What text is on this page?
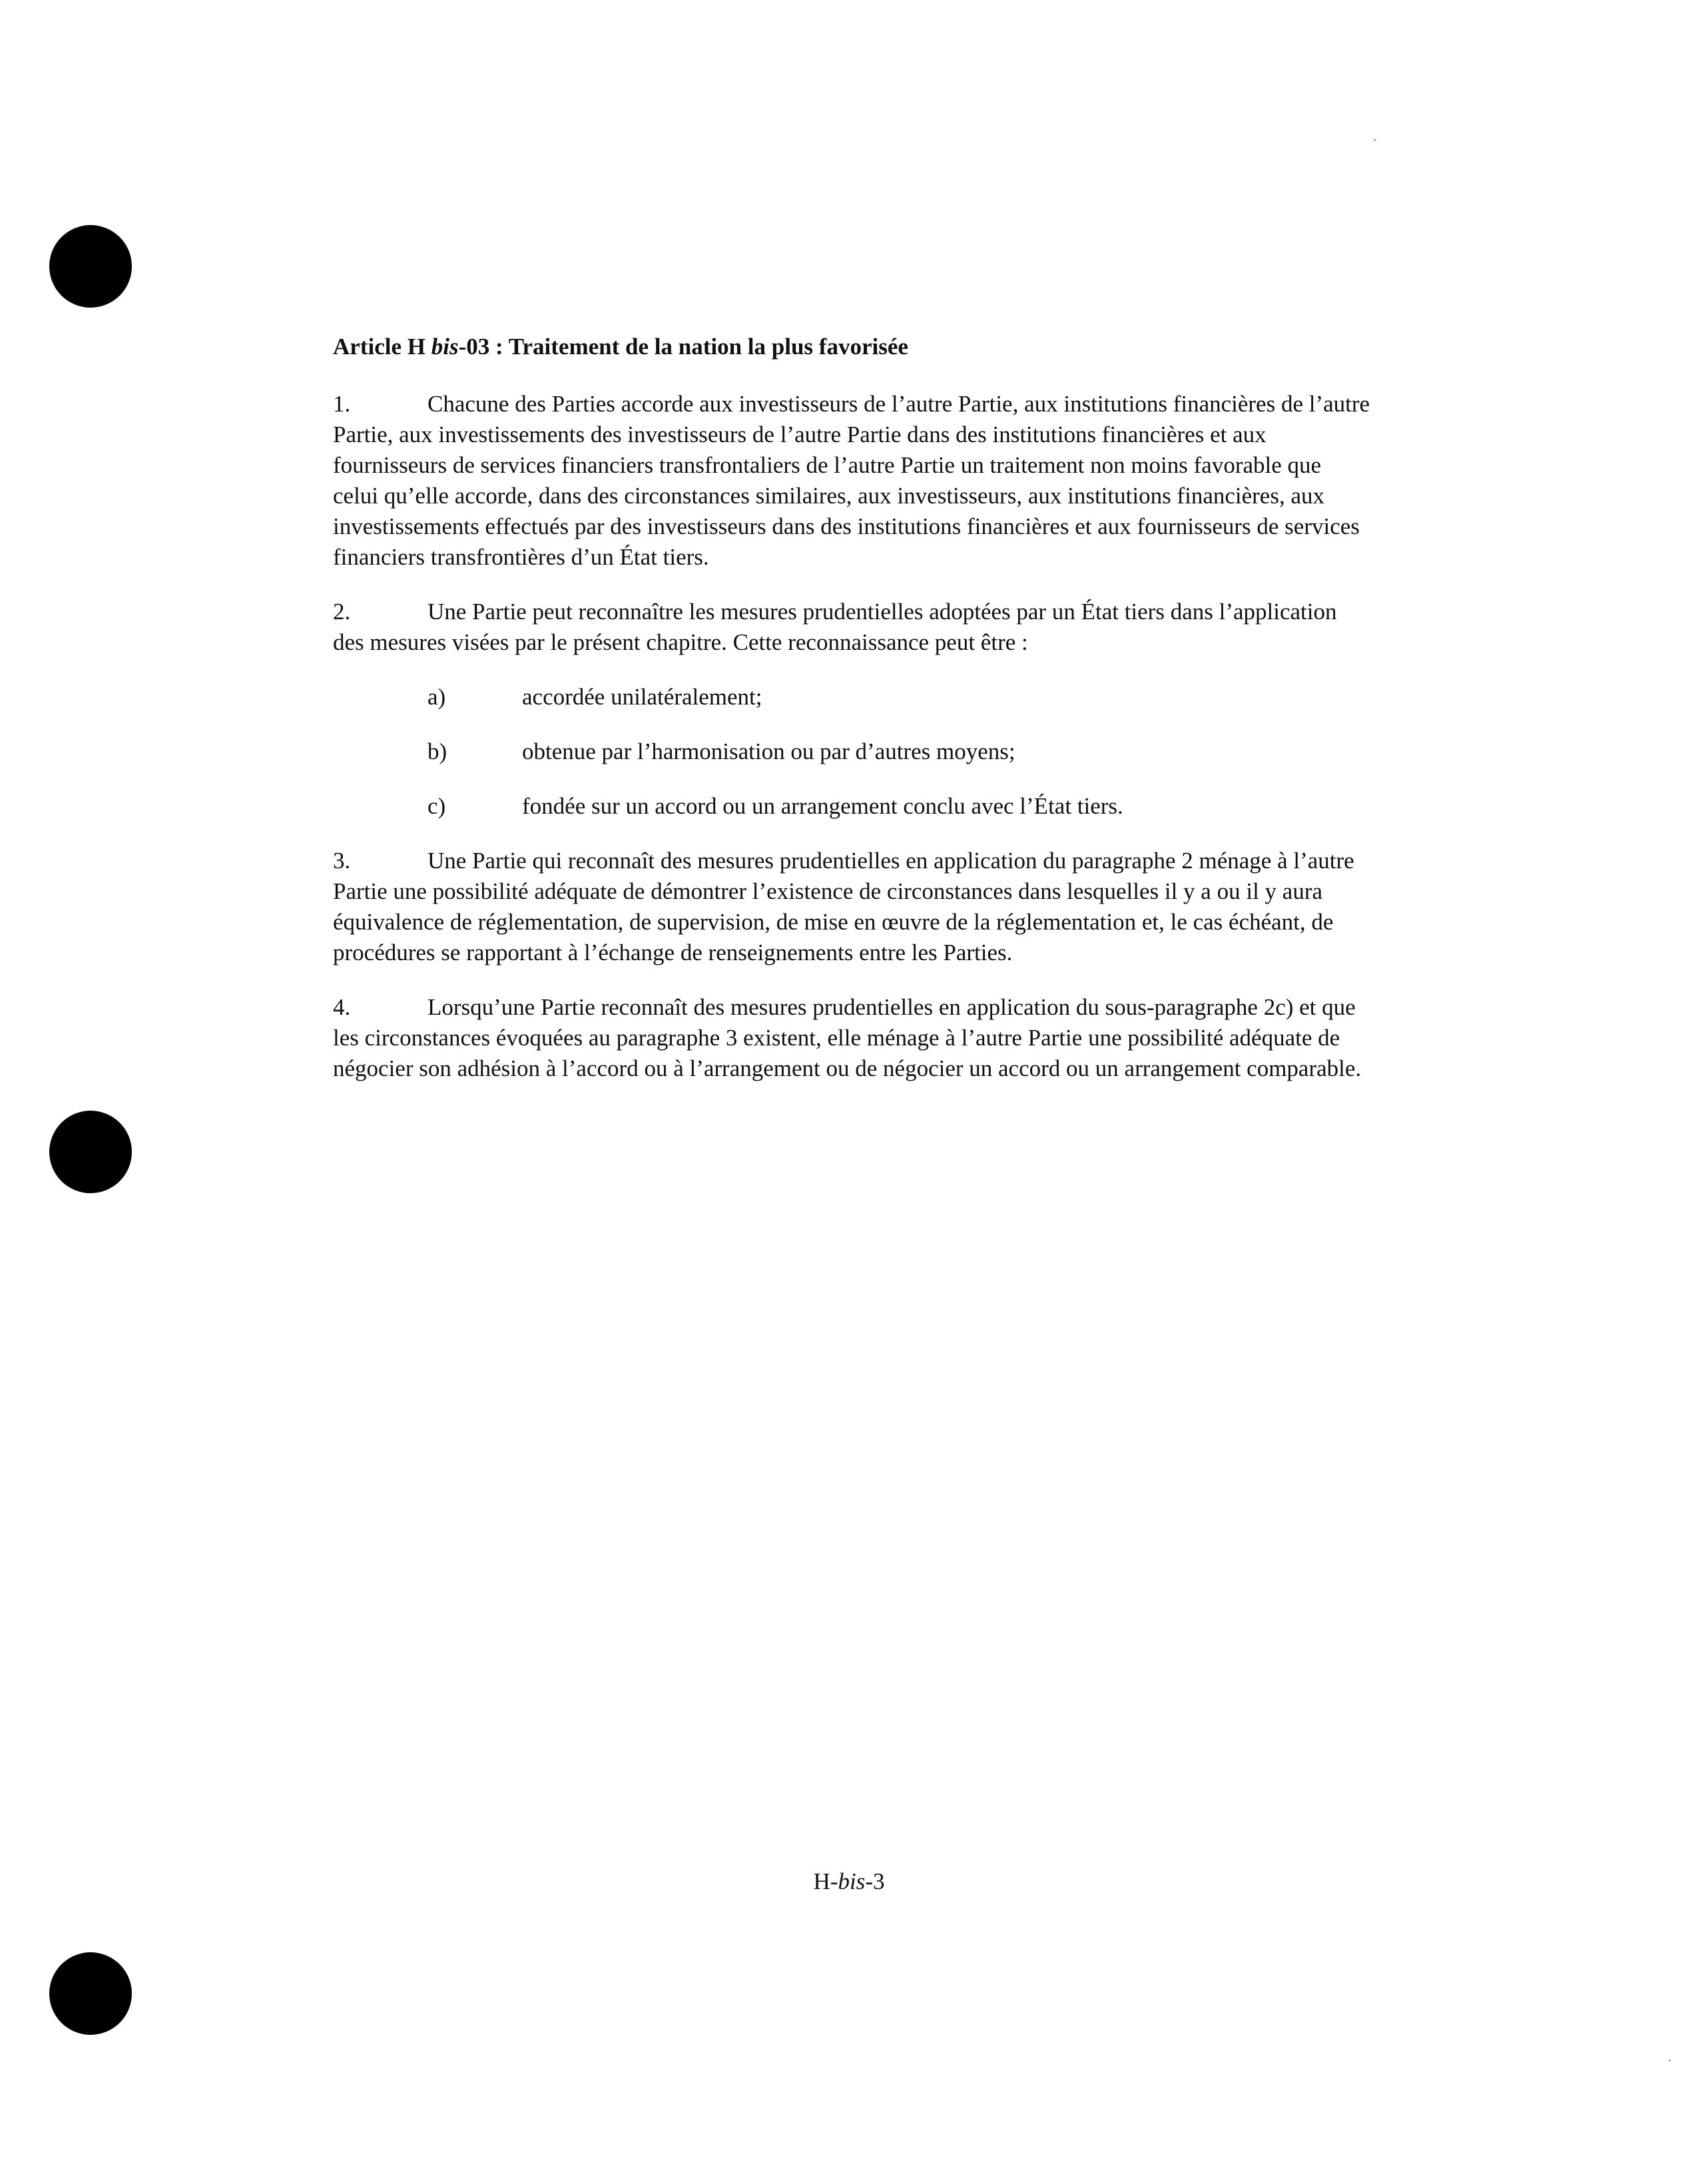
Article H bis-03 : Traitement de la nation la plus favorisée

1.	Chacune des Parties accorde aux investisseurs de l’autre Partie, aux institutions financières de l’autre Partie, aux investissements des investisseurs de l’autre Partie dans des institutions financières et aux fournisseurs de services financiers transfrontaliers de l’autre Partie un traitement non moins favorable que celui qu’elle accorde, dans des circonstances similaires, aux investisseurs, aux institutions financières, aux investissements effectués par des investisseurs dans des institutions financières et aux fournisseurs de services financiers transfrontières d’un État tiers.

2.	Une Partie peut reconnaître les mesures prudentielles adoptées par un État tiers dans l’application des mesures visées par le présent chapitre. Cette reconnaissance peut être :

a)	accordée unilatéralement;
b)	obtenue par l’harmonisation ou par d’autres moyens;
c)	fondée sur un accord ou un arrangement conclu avec l’État tiers.

3.	Une Partie qui reconnaît des mesures prudentielles en application du paragraphe 2 ménage à l’autre Partie une possibilité adéquate de démontrer l’existence de circonstances dans lesquelles il y a ou il y aura équivalence de réglementation, de supervision, de mise en œuvre de la réglementation et, le cas échéant, de procédures se rapportant à l’échange de renseignements entre les Parties.

4.	Lorsqu’une Partie reconnaît des mesures prudentielles en application du sous-paragraphe 2c) et que les circonstances évoquées au paragraphe 3 existent, elle ménage à l’autre Partie une possibilité adéquate de négocier son adhésion à l’accord ou à l’arrangement ou de négocier un accord ou un arrangement comparable.

H-bis-3
